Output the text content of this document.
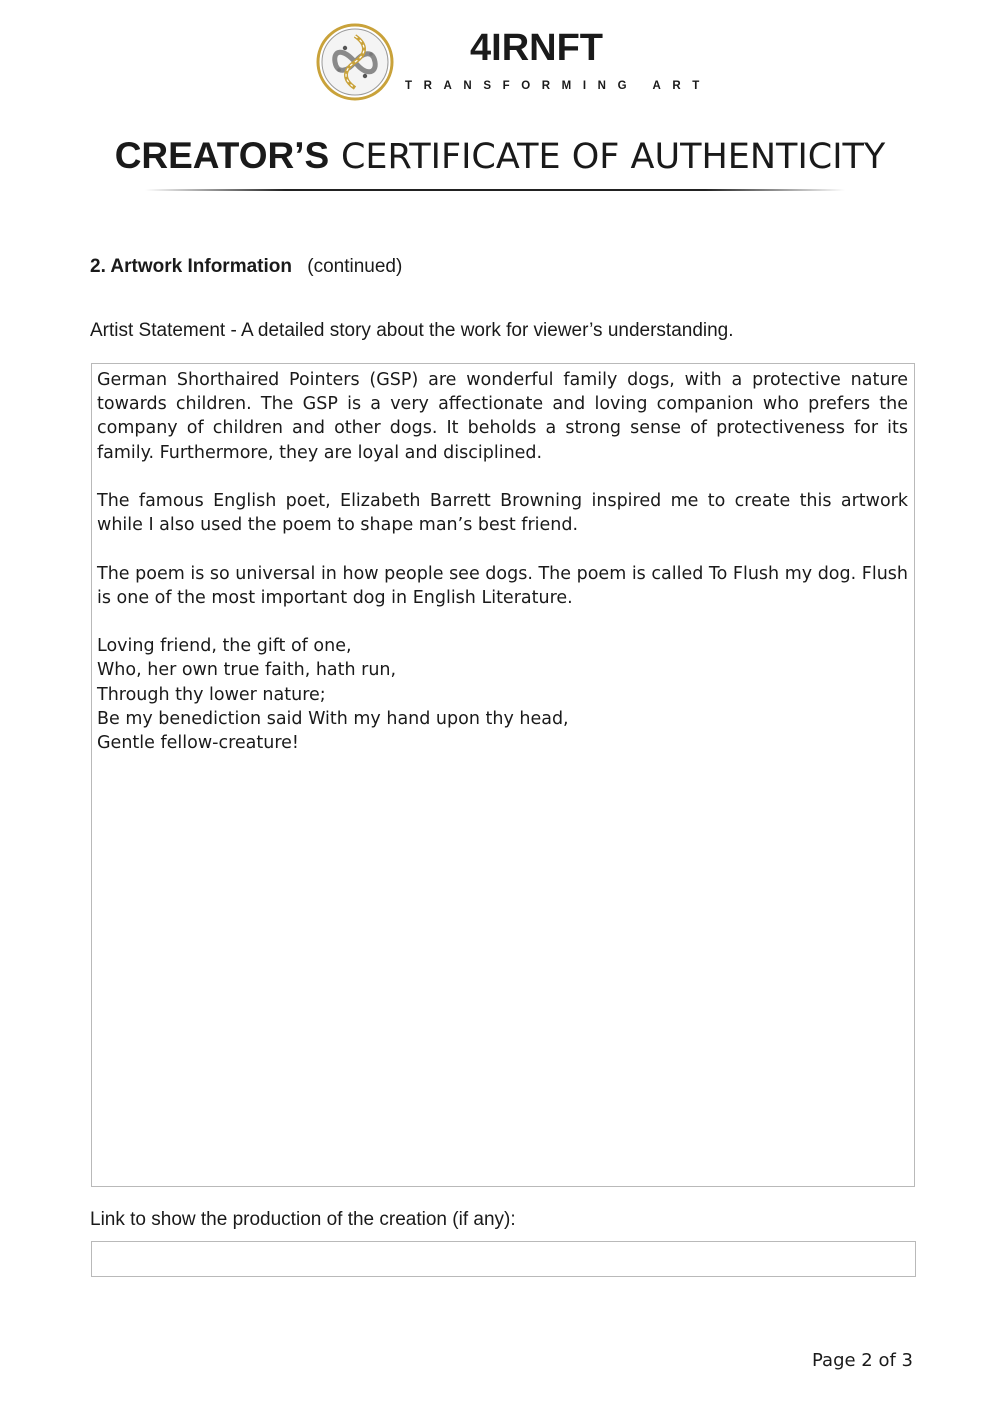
4IRNFT
TRANSFORMING ART
CREATOR’S CERTIFICATE OF AUTHENTICITY
2. Artwork Information (continued)
Artist Statement - A detailed story about the work for viewer’s understanding.

German Shorthaired Pointers (GSP) are wonderful family dogs, with a protective nature towards children. The GSP is a very affectionate and loving companion who prefers the company of children and other dogs. It beholds a strong sense of protectiveness for its family. Furthermore, they are loyal and disciplined.

The famous English poet, Elizabeth Barrett Browning inspired me to create this artwork while I also used the poem to shape man’s best friend.

The poem is so universal in how people see dogs. The poem is called To Flush my dog. Flush is one of the most important dog in English Literature.

Loving friend, the gift of one,
Who, her own true faith, hath run,
Through thy lower nature;
Be my benediction said With my hand upon thy head,
Gentle fellow-creature!
Link to show the production of the creation (if any):
Page 2 of 3
